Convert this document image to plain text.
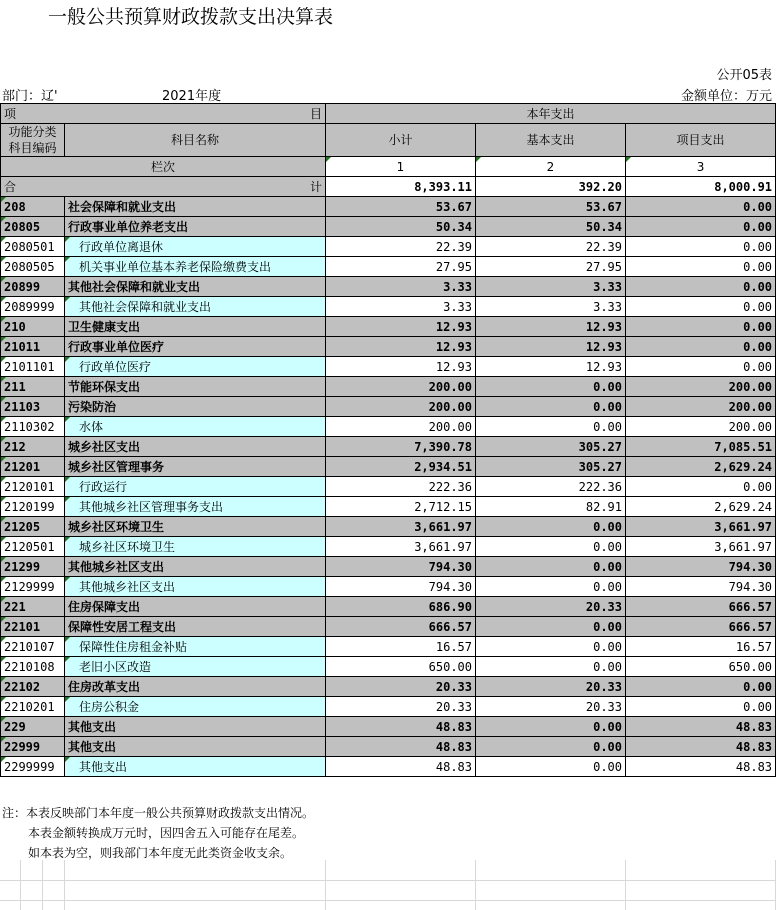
一般公共预算财政拨款支出决算表
公开05表
部门：辽'	2021年度	金额单位：万元
项 目		本年支出		
功能分类
科目编码	科目名称	小计	基本支出	项目支出
栏次		1	2	3
合 计		8,393.11	392.20	8,000.91
208	社会保障和就业支出	53.67	53.67	0.00
20805	行政事业单位养老支出	50.34	50.34	0.00
2080501	行政单位离退休	22.39	22.39	0.00
2080505	机关事业单位基本养老保险缴费支出	27.95	27.95	0.00
20899	其他社会保障和就业支出	3.33	3.33	0.00
2089999	其他社会保障和就业支出	3.33	3.33	0.00
210	卫生健康支出	12.93	12.93	0.00
21011	行政事业单位医疗	12.93	12.93	0.00
2101101	行政单位医疗	12.93	12.93	0.00
211	节能环保支出	200.00	0.00	200.00
21103	污染防治	200.00	0.00	200.00
2110302	水体	200.00	0.00	200.00
212	城乡社区支出	7,390.78	305.27	7,085.51
21201	城乡社区管理事务	2,934.51	305.27	2,629.24
2120101	行政运行	222.36	222.36	0.00
2120199	其他城乡社区管理事务支出	2,712.15	82.91	2,629.24
21205	城乡社区环境卫生	3,661.97	0.00	3,661.97
2120501	城乡社区环境卫生	3,661.97	0.00	3,661.97
21299	其他城乡社区支出	794.30	0.00	794.30
2129999	其他城乡社区支出	794.30	0.00	794.30
221	住房保障支出	686.90	20.33	666.57
22101	保障性安居工程支出	666.57	0.00	666.57
2210107	保障性住房租金补贴	16.57	0.00	16.57
2210108	老旧小区改造	650.00	0.00	650.00
22102	住房改革支出	20.33	20.33	0.00
2210201	住房公积金	20.33	20.33	0.00
229	其他支出	48.83	0.00	48.83
22999	其他支出	48.83	0.00	48.83
2299999	其他支出	48.83	0.00	48.83
注：本表反映部门本年度一般公共预算财政拨款支出情况。
本表金额转换成万元时，因四舍五入可能存在尾差。
如本表为空，则我部门本年度无此类资金收支余。
